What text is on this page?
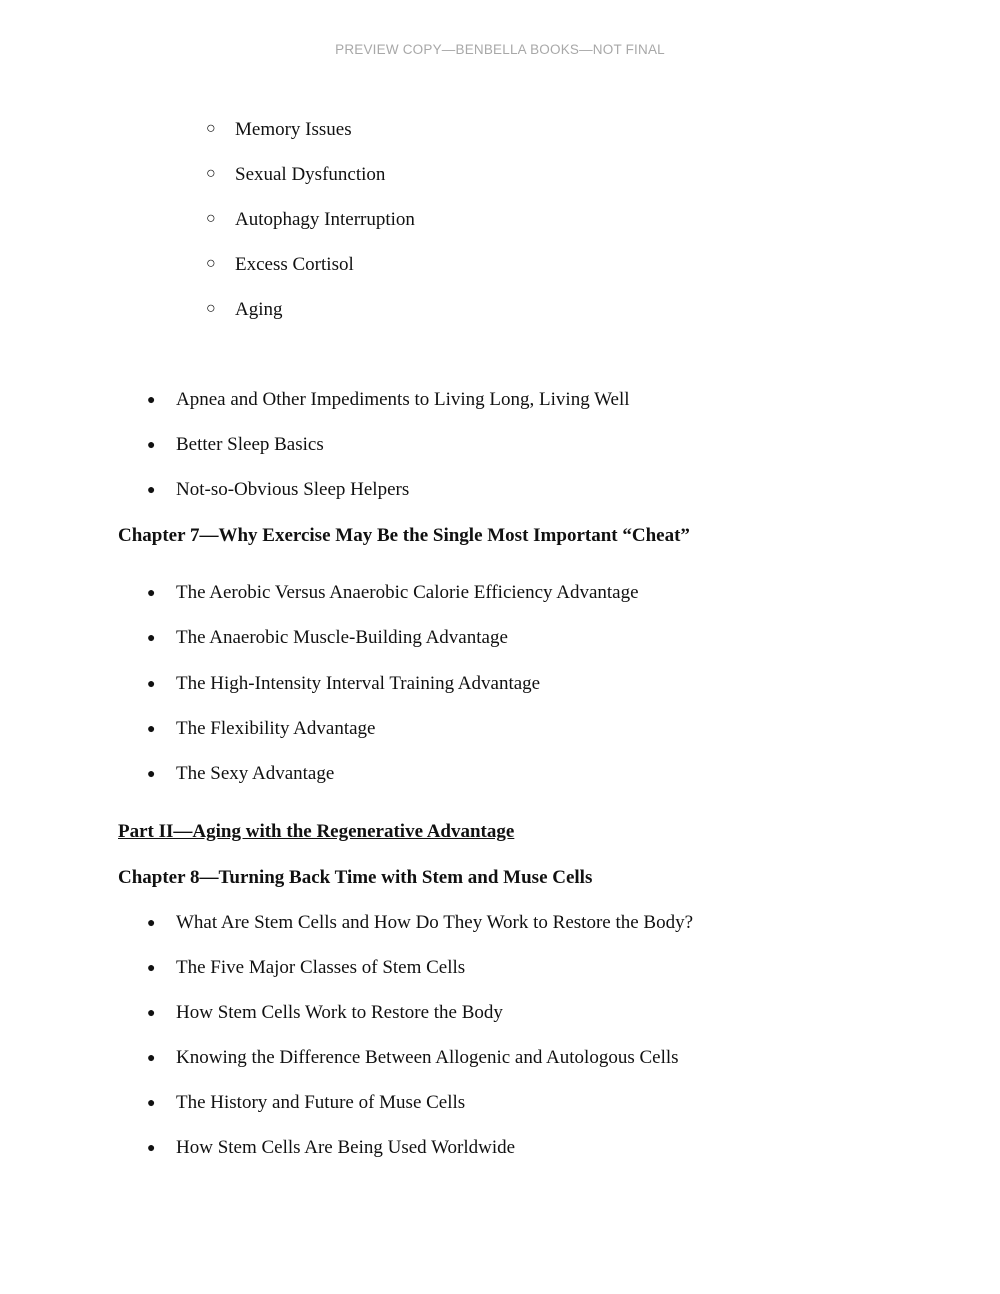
PREVIEW COPY—BENBELLA BOOKS—NOT FINAL
○ Memory Issues
○ Sexual Dysfunction
○ Autophagy Interruption
○ Excess Cortisol
○ Aging
● Apnea and Other Impediments to Living Long, Living Well
● Better Sleep Basics
● Not-so-Obvious Sleep Helpers
Chapter 7—Why Exercise May Be the Single Most Important “Cheat”
● The Aerobic Versus Anaerobic Calorie Efficiency Advantage
● The Anaerobic Muscle-Building Advantage
● The High-Intensity Interval Training Advantage
● The Flexibility Advantage
● The Sexy Advantage
Part II—Aging with the Regenerative Advantage
Chapter 8—Turning Back Time with Stem and Muse Cells
● What Are Stem Cells and How Do They Work to Restore the Body?
● The Five Major Classes of Stem Cells
● How Stem Cells Work to Restore the Body
● Knowing the Difference Between Allogenic and Autologous Cells
● The History and Future of Muse Cells
● How Stem Cells Are Being Used Worldwide
